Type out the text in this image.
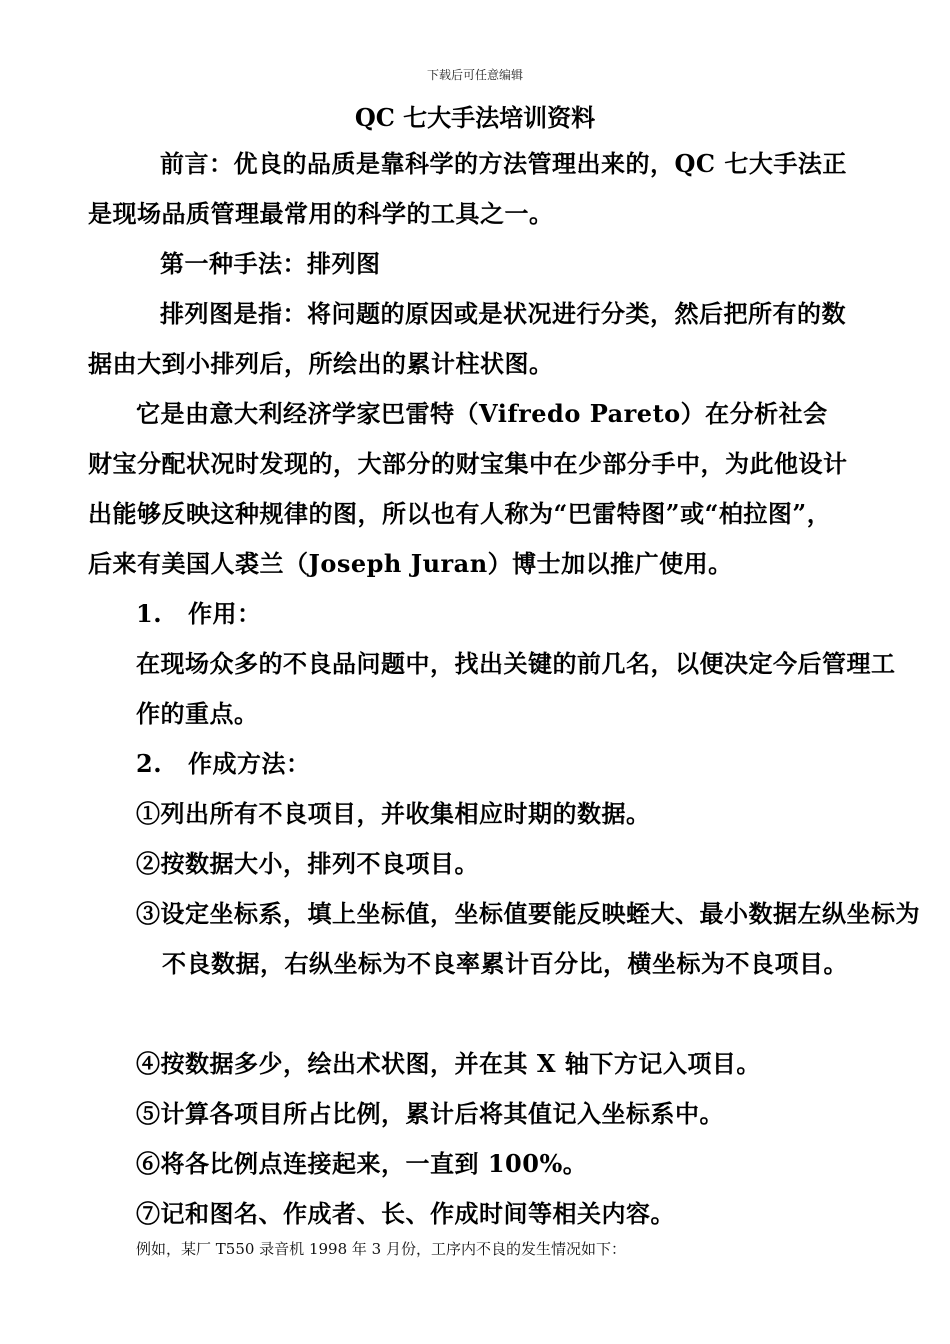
下载后可任意编辑
QC 七大手法培训资料
前言：优良的品质是靠科学的方法管理出来的，QC 七大手法正是现场品质管理最常用的科学的工具之一。
第一种手法：排列图
排列图是指：将问题的原因或是状况进行分类，然后把所有的数据由大到小排列后，所绘出的累计柱状图。
它是由意大利经济学家巴雷特（Vifredo Pareto）在分析社会财宝分配状况时发现的，大部分的财宝集中在少部分手中，为此他设计出能够反映这种规律的图，所以也有人称为“巴雷特图”或“柏拉图”，后来有美国人裘兰（Joseph Juran）博士加以推广使用。
1. 作用：
在现场众多的不良品问题中，找出关键的前几名，以便决定今后管理工作的重点。
2. 作成方法：
①列出所有不良项目，并收集相应时期的数据。
②按数据大小，排列不良项目。
③设定坐标系，填上坐标值，坐标值要能反映蛭大、最小数据左纵坐标为不良数据，右纵坐标为不良率累计百分比，横坐标为不良项目。
④按数据多少，绘出术状图，并在其 X 轴下方记入项目。
⑤计算各项目所占比例，累计后将其值记入坐标系中。
⑥将各比例点连接起来，一直到 100%。
⑦记和图名、作成者、长、作成时间等相关内容。
例如，某厂 T550 录音机 1998 年 3 月份，工序内不良的发生情况如下：
